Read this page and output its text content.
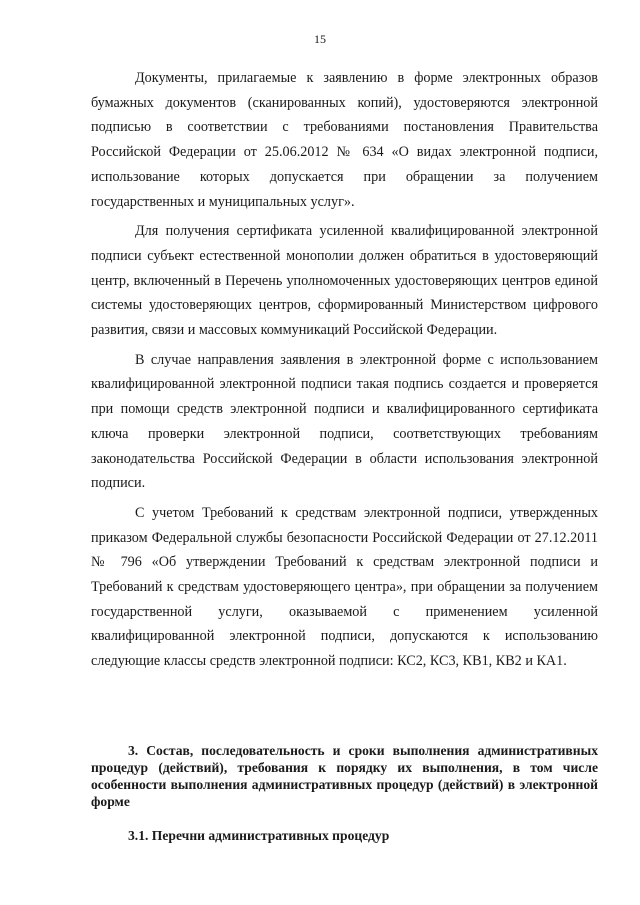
15

Документы, прилагаемые к заявлению в форме электронных образов бумажных документов (сканированных копий), удостоверяются электронной подписью в соответствии с требованиями постановления Правительства Российской Федерации от 25.06.2012 № 634 «О видах электронной подписи, использование которых допускается при обращении за получением государственных и муниципальных услуг».

Для получения сертификата усиленной квалифицированной электронной подписи субъект естественной монополии должен обратиться в удостоверяющий центр, включенный в Перечень уполномоченных удостоверяющих центров единой системы удостоверяющих центров, сформированный Министерством цифрового развития, связи и массовых коммуникаций Российской Федерации.

В случае направления заявления в электронной форме с использованием квалифицированной электронной подписи такая подпись создается и проверяется при помощи средств электронной подписи и квалифицированного сертификата ключа проверки электронной подписи, соответствующих требованиям законодательства Российской Федерации в области использования электронной подписи.

С учетом Требований к средствам электронной подписи, утвержденных приказом Федеральной службы безопасности Российской Федерации от 27.12.2011 № 796 «Об утверждении Требований к средствам электронной подписи и Требований к средствам удостоверяющего центра», при обращении за получением государственной услуги, оказываемой с применением усиленной квалифицированной электронной подписи, допускаются к использованию следующие классы средств электронной подписи: КС2, КС3, КВ1, КВ2 и КА1.

3. Состав, последовательность и сроки выполнения административных процедур (действий), требования к порядку их выполнения, в том числе особенности выполнения административных процедур (действий) в электронной форме

3.1. Перечни административных процедур
